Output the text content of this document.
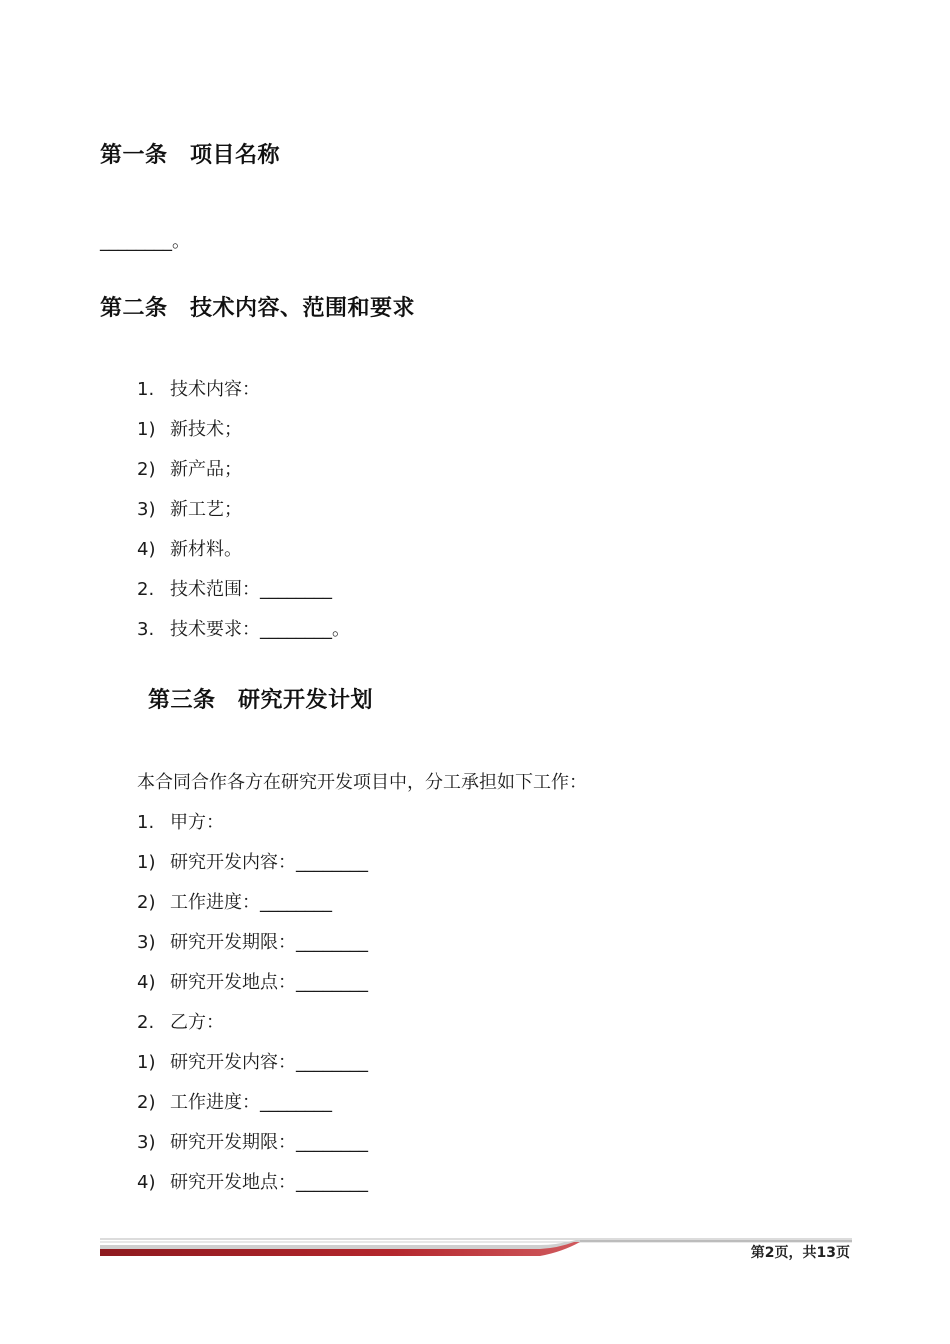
第一条　项目名称
________。
第二条　技术内容、范围和要求
1. 技术内容：
1) 新技术；
2) 新产品；
3) 新工艺；
4) 新材料。
2. 技术范围：________
3. 技术要求：________。
第三条　研究开发计划
本合同合作各方在研究开发项目中，分工承担如下工作：
1. 甲方：
1) 研究开发内容：________
2) 工作进度：________
3) 研究开发期限：________
4) 研究开发地点：________
2. 乙方：
1) 研究开发内容：________
2) 工作进度：________
3) 研究开发期限：________
4) 研究开发地点：________
第2页，共13页
